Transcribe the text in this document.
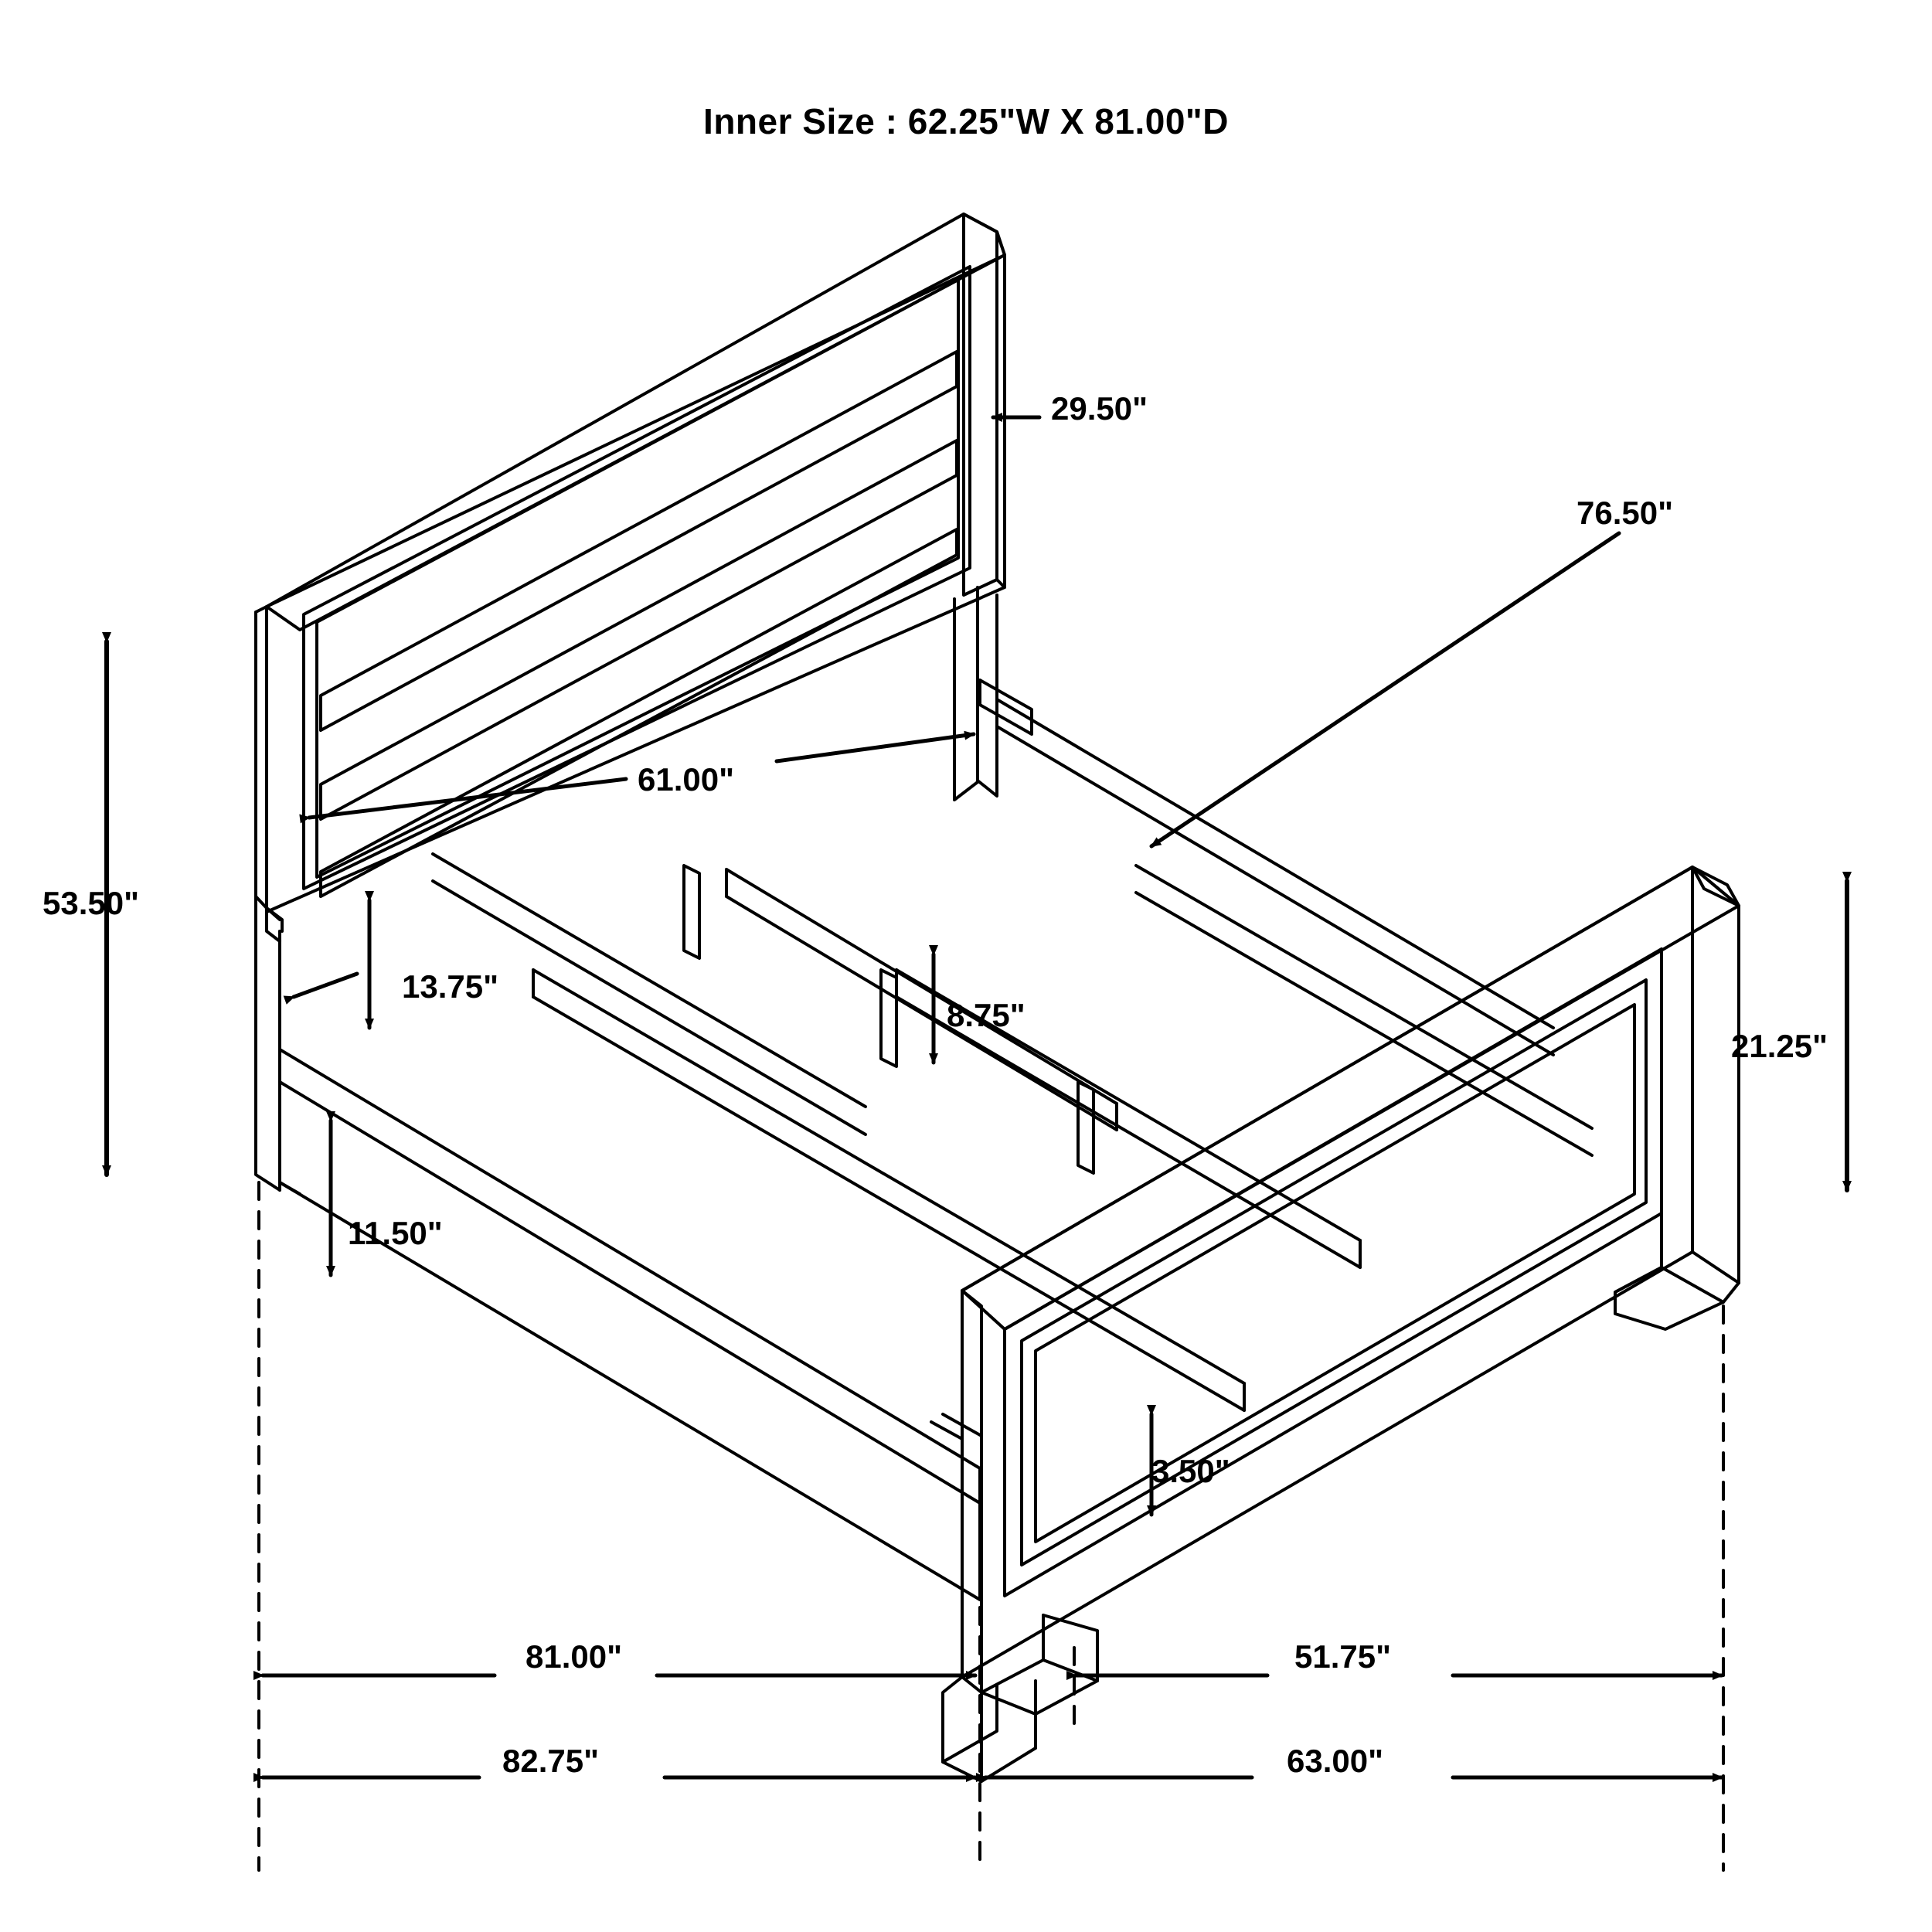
Inner Size : 62.25"W X 81.00"D
53.50"
29.50"
76.50"
61.00"
13.75"
8.75"
21.25"
11.50"
3.50"
81.00"	51.75"
82.75"	63.00"
